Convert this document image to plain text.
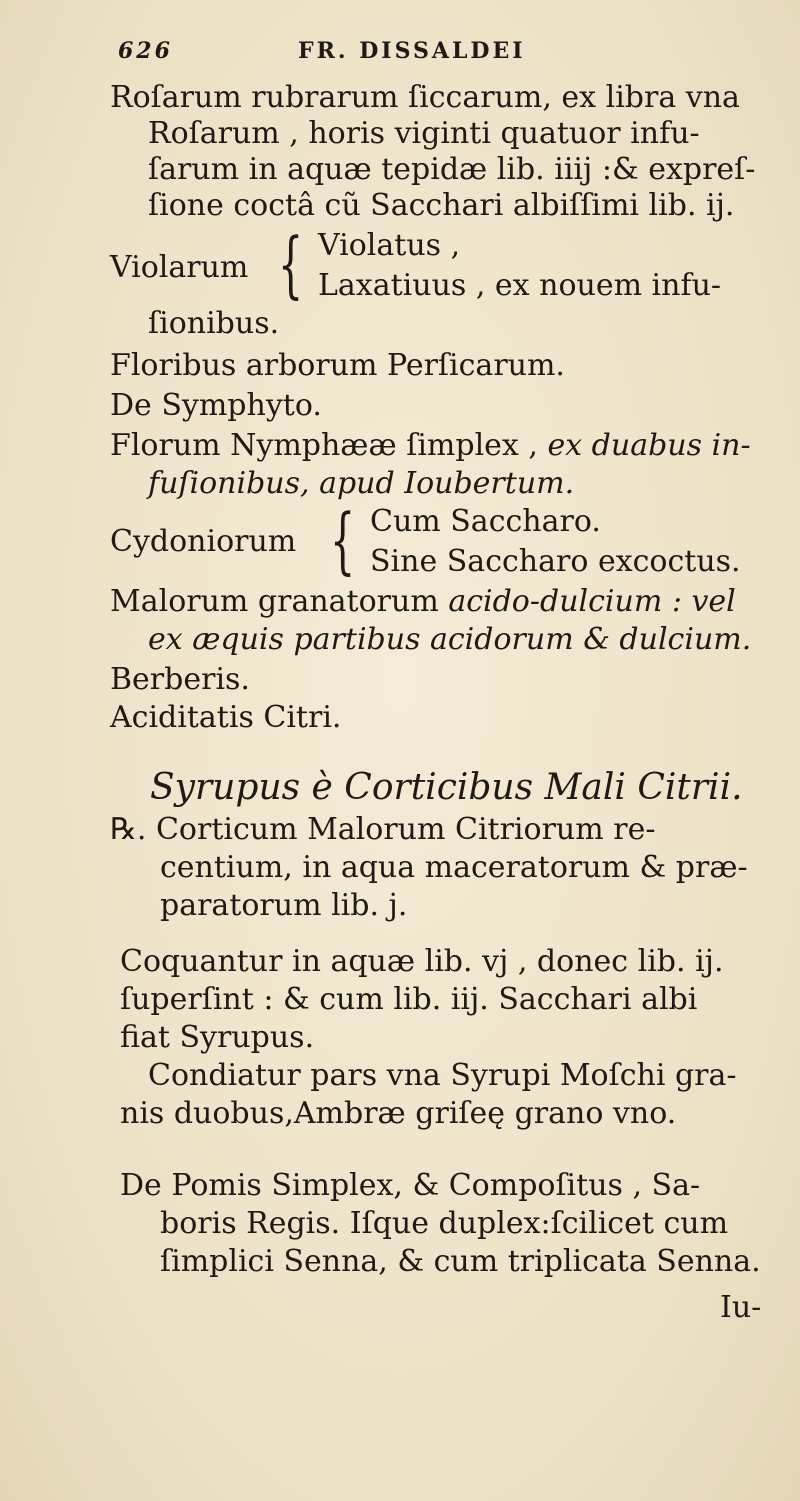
626	FR. DISSALDEI
Roſarum rubrarum ſiccarum, ex libra vna
Roſarum , horis viginti quatuor infu-
ſarum in aquæ tepidæ lib. iiij :& expreſ-
ſione coctâ cũ Sacchari albiſſimi lib. ij.
Violatus ,
Violarum { Laxatiuus , ex nouem infu-
ſionibus.
Floribus arborum Perſicarum.
De Symphyto.
Florum Nymphææ ſimplex , ex duabus in-
fuſionibus, apud Ioubertum.
Cum Saccharo.
Cydoniorum { Sine Saccharo excoctus.
Malorum granatorum acido-dulcium : vel
ex æquis partibus acidorum & dulcium.
Berberis.
Aciditatis Citri.
Syrupus è Corticibus Mali Citrii.
℞. Corticum Malorum Citriorum re-
centium, in aqua maceratorum & præ-
paratorum lib. j.
Coquantur in aquæ lib. vj , donec lib. ij.
ſuperſint : & cum lib. iij. Sacchari albi
fiat Syrupus.
Condiatur pars vna Syrupi Moſchi gra-
nis duobus,Ambræ griſeę grano vno.
De Pomis Simplex, & Compoſitus , Sa-
boris Regis. Iſque duplex:ſcilicet cum
ſimplici Senna, & cum triplicata Senna.
Iu-
